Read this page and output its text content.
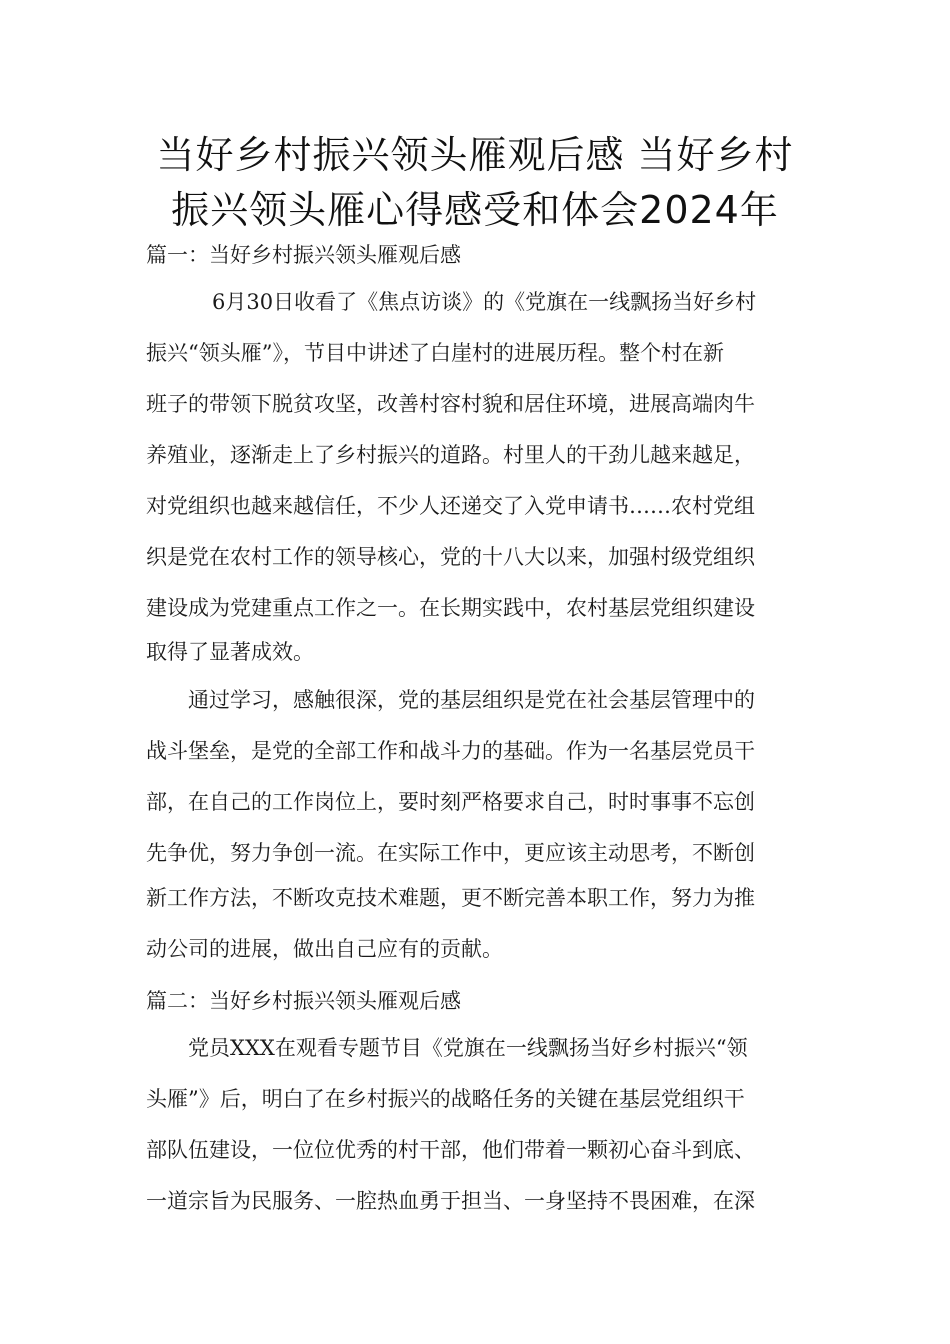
当好乡村振兴领头雁观后感 当好乡村
振兴领头雁心得感受和体会2024年
篇一：当好乡村振兴领头雁观后感
6月30日收看了《焦点访谈》的《党旗在一线飘扬当好乡村
振兴“领头雁”》，节目中讲述了白崖村的进展历程。整个村在新
班子的带领下脱贫攻坚，改善村容村貌和居住环境，进展高端肉牛
养殖业，逐渐走上了乡村振兴的道路。村里人的干劲儿越来越足，
对党组织也越来越信任，不少人还递交了入党申请书……农村党组
织是党在农村工作的领导核心，党的十八大以来，加强村级党组织
建设成为党建重点工作之一。在长期实践中，农村基层党组织建设
取得了显著成效。
通过学习，感触很深，党的基层组织是党在社会基层管理中的
战斗堡垒，是党的全部工作和战斗力的基础。作为一名基层党员干
部，在自己的工作岗位上，要时刻严格要求自己，时时事事不忘创
先争优，努力争创一流。在实际工作中，更应该主动思考，不断创
新工作方法，不断攻克技术难题，更不断完善本职工作，努力为推
动公司的进展，做出自己应有的贡献。
篇二：当好乡村振兴领头雁观后感
党员XXX在观看专题节目《党旗在一线飘扬当好乡村振兴“领
头雁”》后，明白了在乡村振兴的战略任务的关键在基层党组织干
部队伍建设，一位位优秀的村干部，他们带着一颗初心奋斗到底、
一道宗旨为民服务、一腔热血勇于担当、一身坚持不畏困难，在深
